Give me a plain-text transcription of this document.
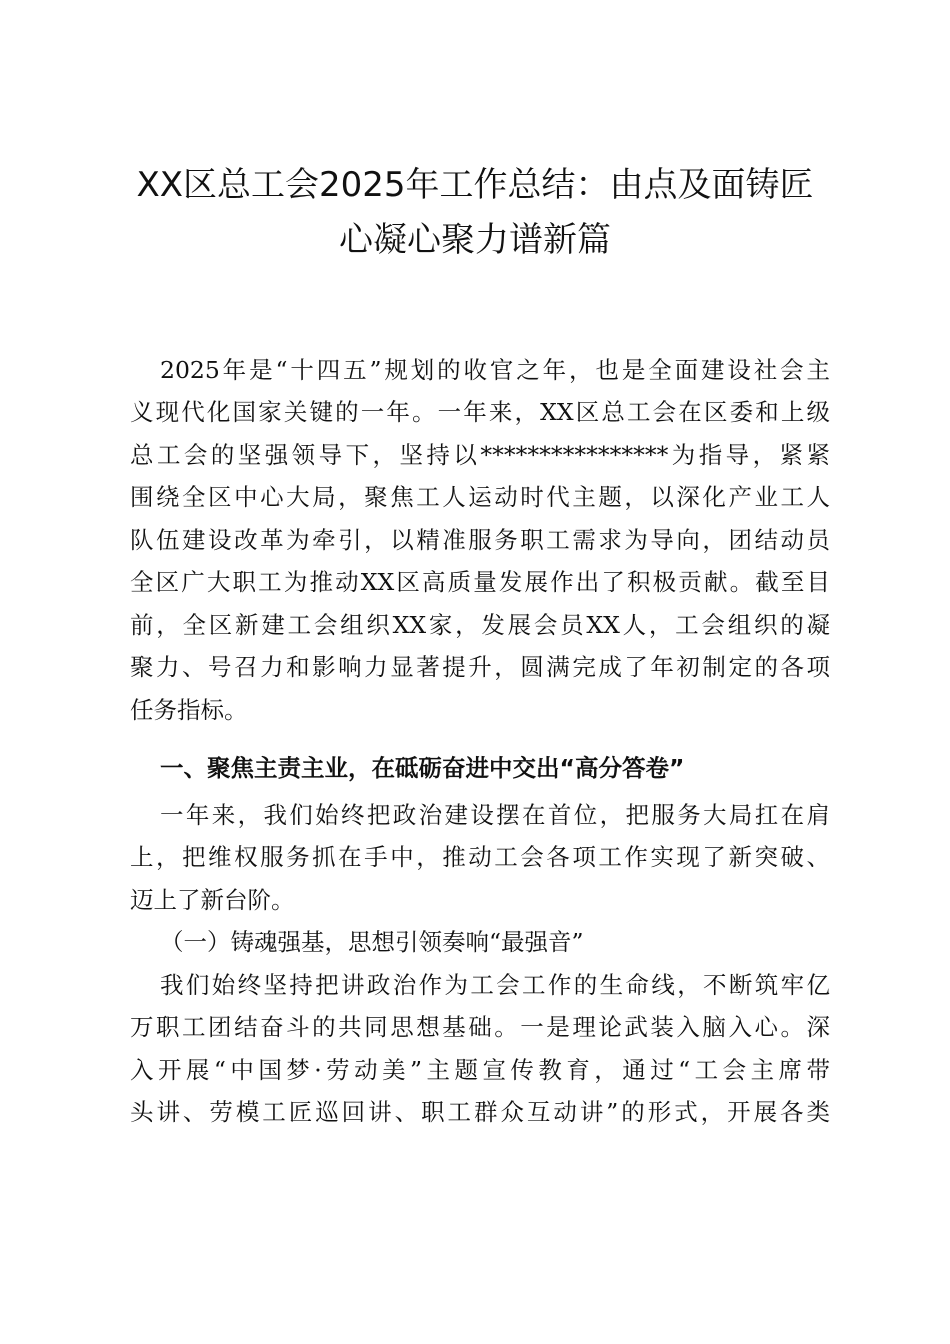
XX区总工会2025年工作总结：由点及面铸匠
心凝心聚力谱新篇
2025年是“十四五”规划的收官之年，也是全面建设社会主
义现代化国家关键的一年。一年来，XX区总工会在区委和上级
总工会的坚强领导下，坚持以****************为指导，紧紧
围绕全区中心大局，聚焦工人运动时代主题，以深化产业工人
队伍建设改革为牵引，以精准服务职工需求为导向，团结动员
全区广大职工为推动XX区高质量发展作出了积极贡献。截至目
前，全区新建工会组织XX家，发展会员XX人，工会组织的凝
聚力、号召力和影响力显著提升，圆满完成了年初制定的各项
任务指标。
一、聚焦主责主业，在砥砺奋进中交出“高分答卷”
一年来，我们始终把政治建设摆在首位，把服务大局扛在肩
上，把维权服务抓在手中，推动工会各项工作实现了新突破、
迈上了新台阶。
（一）铸魂强基，思想引领奏响“最强音”
我们始终坚持把讲政治作为工会工作的生命线，不断筑牢亿
万职工团结奋斗的共同思想基础。一是理论武装入脑入心。深
入开展“中国梦·劳动美”主题宣传教育，通过“工会主席带
头讲、劳模工匠巡回讲、职工群众互动讲”的形式，开展各类
